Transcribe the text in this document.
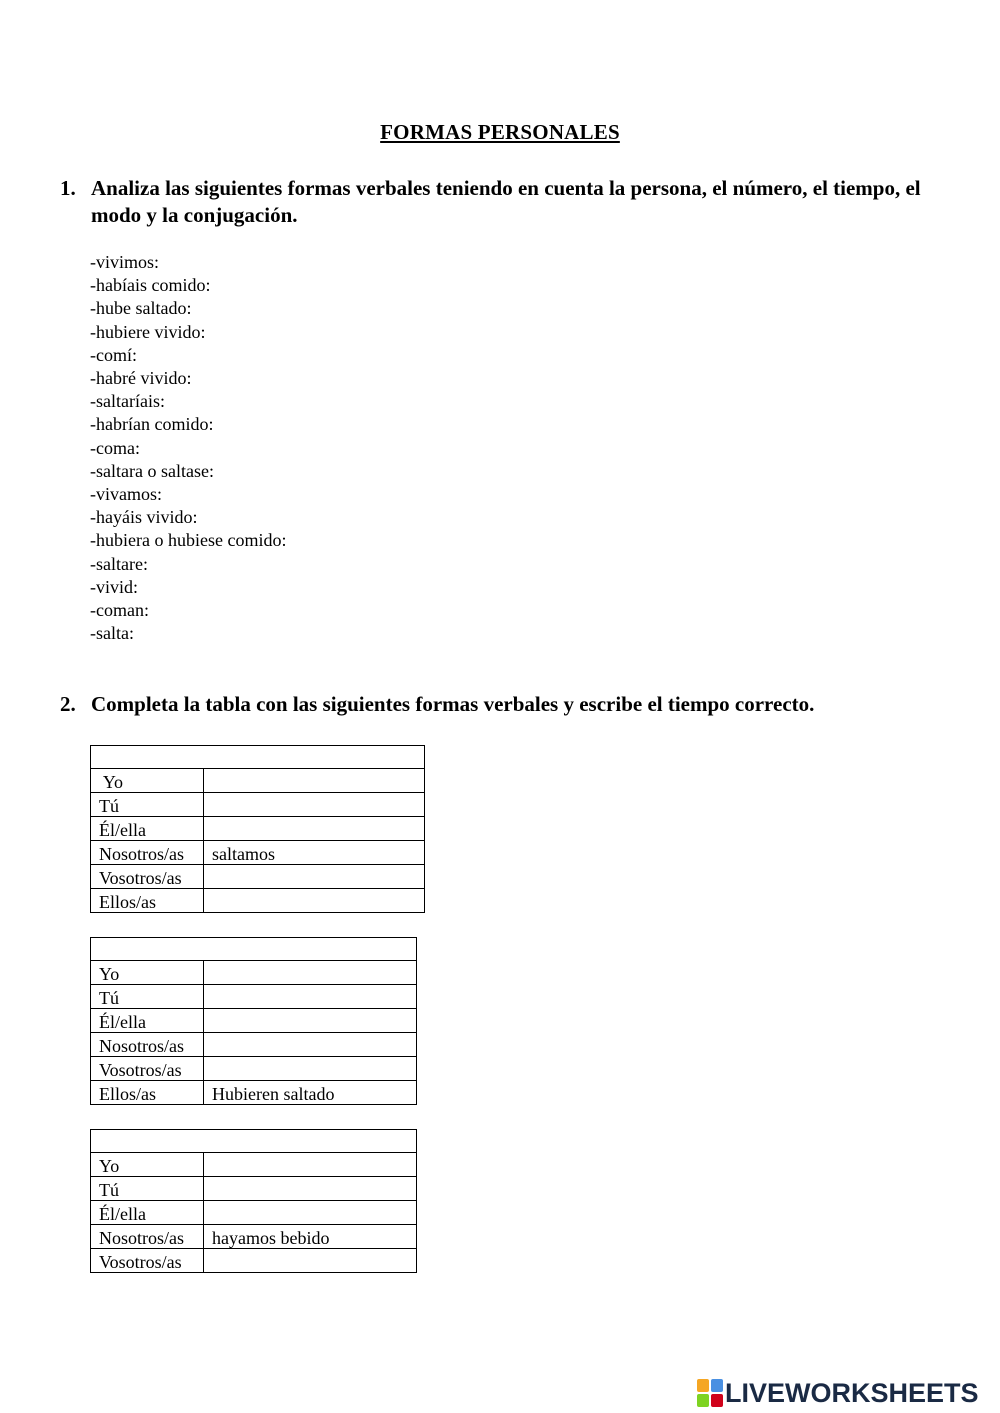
FORMAS PERSONALES
1. Analiza las siguientes formas verbales teniendo en cuenta la persona, el número, el tiempo, el modo y la conjugación.
-vivimos:
-habíais comido:
-hube saltado:
-hubiere vivido:
-comí:
-habré vivido:
-saltaríais:
-habrían comido:
-coma:
-saltara o saltase:
-vivamos:
-hayáis vivido:
-hubiera o hubiese comido:
-saltare:
-vivid:
-coman:
-salta:
2. Completa la tabla con las siguientes formas verbales y escribe el tiempo correcto.

Yo	
Tú	
Él/ella	
Nosotros/as	saltamos
Vosotros/as	
Ellos/as	

Yo	
Tú	
Él/ella	
Nosotros/as	
Vosotros/as	
Ellos/as	Hubieren saltado

Yo	
Tú	
Él/ella	
Nosotros/as	hayamos bebido
Vosotros/as	
LIVEWORKSHEETS
